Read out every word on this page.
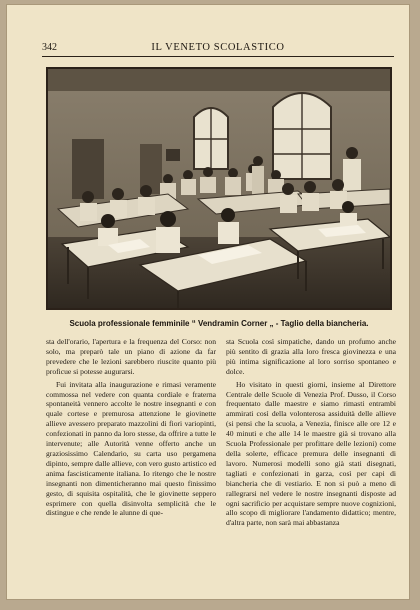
342	IL VENETO SCOLASTICO
Scuola professionale femminile “ Vendramin Corner „ - Taglio della biancheria.

sta dell'orario, l'apertura e la frequenza del Corso: non solo, ma preparò tale un piano di azione da far prevedere che le lezioni sarebbero riuscite quanto più proficue si potesse augurarsi.

Fui invitata alla inaugurazione e rimasi veramente commossa nel vedere con quanta cordiale e fraterna spontaneità vennero accolte le nostre insegnanti e con quale cortese e premurosa attenzione le giovinette allieve avessero preparato mazzolini di fiori variopinti, confezionati in panno da loro stesse, da offrire a tutte le intervenute; alle Autorità venne offerto anche un graziosissimo Calendario, su carta uso pergamena dipinto, sempre dalle allieve, con vero gusto artistico ed anima fascisticamente italiana. Io ritengo che le nostre insegnanti non dimenticheranno mai questo finissimo gesto, di squisita ospitalità, che le giovinette seppero esprimere con quella disinvolta semplicità che le distingue e che rende le alunne di que-

sta Scuola così simpatiche, dando un profumo anche più sentito di grazia alla loro fresca giovinezza e una più intima significazione al loro sorriso spontaneo e dolce.

Ho visitato in questi giorni, insieme al Direttore Centrale delle Scuole di Venezia Prof. Dusso, il Corso frequentato dalle maestre e siamo rimasti entrambi ammirati così della volonterosa assiduità delle allieve (si pensi che la scuola, a Venezia, finisce alle ore 12 e 40 minuti e che alle 14 le maestre già si trovano alla Scuola Professionale per profittare delle lezioni) come della solerte, efficace premura delle insegnanti di lavoro. Numerosi modelli sono già stati disegnati, tagliati e confezionati in garza, così per capi di biancheria che di vestiario. E non si può a meno di rallegrarsi nel vedere le nostre insegnanti disposte ad ogni sacrificio per acquistare sempre nuove cognizioni, allo scopo di migliorare l'andamento didattico; mentre, d'altra parte, non sarà mai abbastanza
